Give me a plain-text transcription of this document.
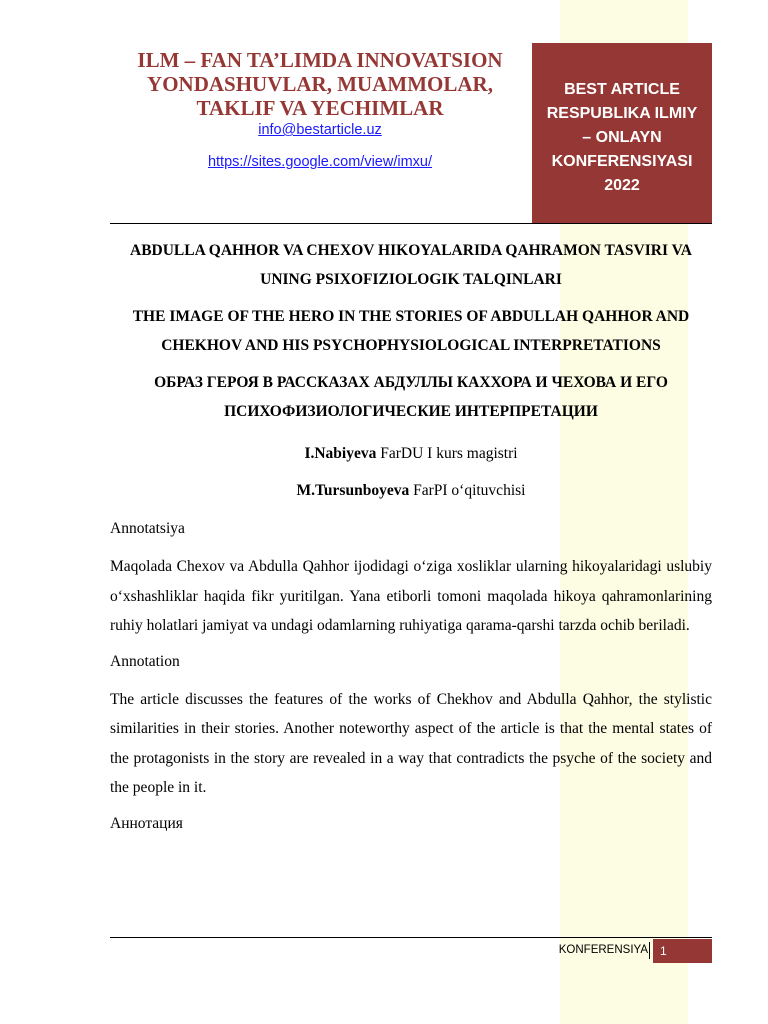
ILM – FAN TA’LIMDA INNOVATSION YONDASHUVLAR, MUAMMOLAR, TAKLIF VA YECHIMLAR

info@bestarticle.uz
https://sites.google.com/view/imxu/
BEST ARTICLE
RESPUBLIKA ILMIY
– ONLAYN
KONFERENSIYASI
2022

ABDULLA QAHHOR VA CHEXOV HIKOYALARIDA QAHRAMON TASVIRI VA UNING PSIXOFIZIOLOGIK TALQINLARI

THE IMAGE OF THE HERO IN THE STORIES OF ABDULLAH QAHHOR AND CHEKHOV AND HIS PSYCHOPHYSIOLOGICAL INTERPRETATIONS

ОБРАЗ ГЕРОЯ В РАССКАЗАХ АБДУЛЛЫ КАХХОРА И ЧЕХОВА И ЕГО ПСИХОФИЗИОЛОГИЧЕСКИЕ ИНТЕРПРЕТАЦИИ

I.Nabiyeva FarDU I kurs magistri

M.Tursunboyeva FarPI o‘qituvchisi

Annotatsiya

Maqolada Chexov va Abdulla Qahhor ijodidagi o‘ziga xosliklar ularning hikoyalaridagi uslubiy o‘xshashliklar haqida fikr yuritilgan. Yana etiborli tomoni maqolada hikoya qahramonlarining ruhiy holatlari jamiyat va undagi odamlarning ruhiyatiga qarama-qarshi tarzda ochib beriladi.

Annotation

The article discusses the features of the works of Chekhov and Abdulla Qahhor, the stylistic similarities in their stories. Another noteworthy aspect of the article is that the mental states of the protagonists in the story are revealed in a way that contradicts the psyche of the society and the people in it.

Аннотация

KONFERENSIYA	1
